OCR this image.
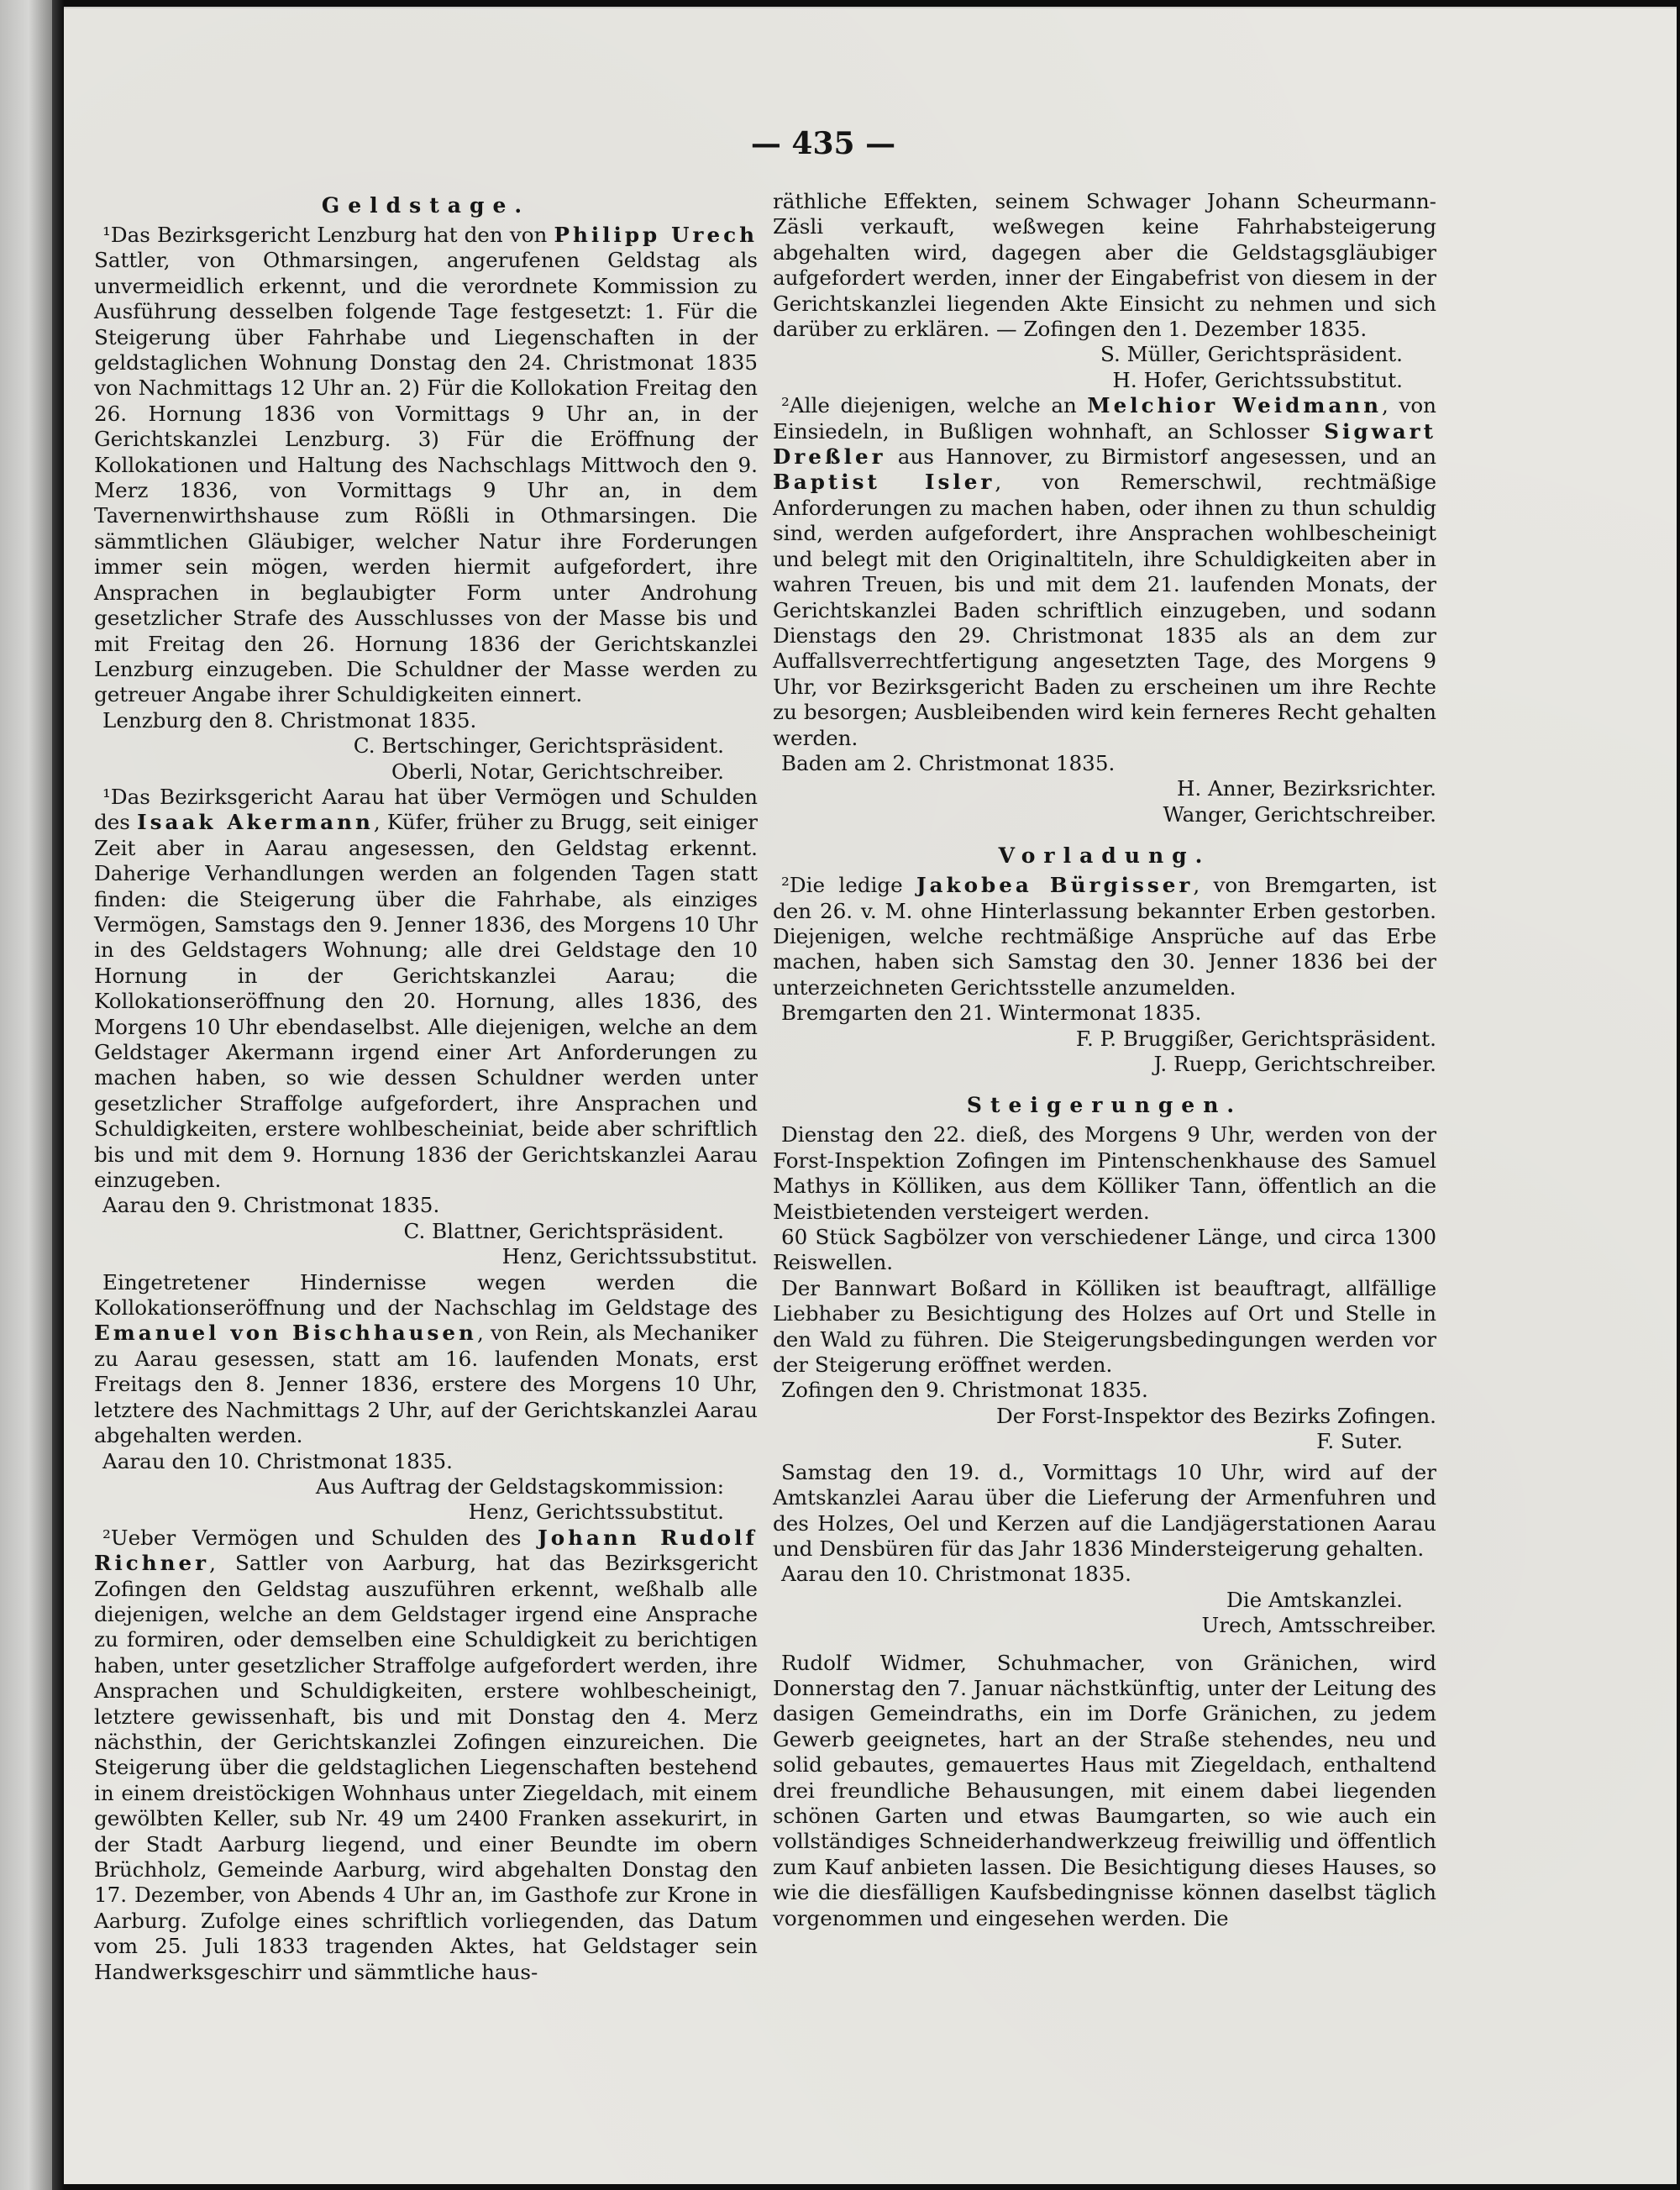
— 435 —
Geldstage.

¹Das Bezirksgericht Lenzburg hat den von Philipp Urech Sattler, von Othmarsingen, angerufenen Geldstag als unvermeidlich erkennt, und die verordnete Kommission zu Ausführung desselben folgende Tage festgesetzt: 1. Für die Steigerung über Fahrhabe und Liegenschaften in der geldstaglichen Wohnung Donstag den 24. Christmonat 1835 von Nachmittags 12 Uhr an. 2) Für die Kollokation Freitag den 26. Hornung 1836 von Vormittags 9 Uhr an, in der Gerichtskanzlei Lenzburg. 3) Für die Eröffnung der Kollokationen und Haltung des Nachschlags Mittwoch den 9. Merz 1836, von Vormittags 9 Uhr an, in dem Tavernenwirthshause zum Rößli in Othmarsingen. Die sämmtlichen Gläubiger, welcher Natur ihre Forderungen immer sein mögen, werden hiermit aufgefordert, ihre Ansprachen in beglaubigter Form unter Androhung gesetzlicher Strafe des Ausschlusses von der Masse bis und mit Freitag den 26. Hornung 1836 der Gerichtskanzlei Lenzburg einzugeben. Die Schuldner der Masse werden zu getreuer Angabe ihrer Schuldigkeiten einnert.

Lenzburg den 8. Christmonat 1835.

C. Bertschinger, Gerichtspräsident.

Oberli, Notar, Gerichtschreiber.

¹Das Bezirksgericht Aarau hat über Vermögen und Schulden des Isaak Akermann, Küfer, früher zu Brugg, seit einiger Zeit aber in Aarau angesessen, den Geldstag erkennt. Daherige Verhandlungen werden an folgenden Tagen statt finden: die Steigerung über die Fahrhabe, als einziges Vermögen, Samstags den 9. Jenner 1836, des Morgens 10 Uhr in des Geldstagers Wohnung; alle drei Geldstage den 10 Hornung in der Gerichtskanzlei Aarau; die Kollokationseröffnung den 20. Hornung, alles 1836, des Morgens 10 Uhr ebendaselbst. Alle diejenigen, welche an dem Geldstager Akermann irgend einer Art Anforderungen zu machen haben, so wie dessen Schuldner werden unter gesetzlicher Straffolge aufgefordert, ihre Ansprachen und Schuldigkeiten, erstere wohlbescheiniat, beide aber schriftlich bis und mit dem 9. Hornung 1836 der Gerichtskanzlei Aarau einzugeben.

Aarau den 9. Christmonat 1835.

C. Blattner, Gerichtspräsident.

Henz, Gerichtssubstitut.

Eingetretener Hindernisse wegen werden die Kollokationseröffnung und der Nachschlag im Geldstage des Emanuel von Bischhausen, von Rein, als Mechaniker zu Aarau gesessen, statt am 16. laufenden Monats, erst Freitags den 8. Jenner 1836, erstere des Morgens 10 Uhr, letztere des Nachmittags 2 Uhr, auf der Gerichtskanzlei Aarau abgehalten werden.

Aarau den 10. Christmonat 1835.

Aus Auftrag der Geldstagskommission:

Henz, Gerichtssubstitut.

²Ueber Vermögen und Schulden des Johann Rudolf Richner, Sattler von Aarburg, hat das Bezirksgericht Zofingen den Geldstag auszuführen erkennt, weßhalb alle diejenigen, welche an dem Geldstager irgend eine Ansprache zu formiren, oder demselben eine Schuldigkeit zu berichtigen haben, unter gesetzlicher Straffolge aufgefordert werden, ihre Ansprachen und Schuldigkeiten, erstere wohlbescheinigt, letztere gewissenhaft, bis und mit Donstag den 4. Merz nächsthin, der Gerichtskanzlei Zofingen einzureichen. Die Steigerung über die geldstaglichen Liegenschaften bestehend in einem dreistöckigen Wohnhaus unter Ziegeldach, mit einem gewölbten Keller, sub Nr. 49 um 2400 Franken assekurirt, in der Stadt Aarburg liegend, und einer Beundte im obern Brüchholz, Gemeinde Aarburg, wird abgehalten Donstag den 17. Dezember, von Abends 4 Uhr an, im Gasthofe zur Krone in Aarburg. Zufolge eines schriftlich vorliegenden, das Datum vom 25. Juli 1833 tragenden Aktes, hat Geldstager sein Handwerksgeschirr und sämmtliche haus-

räthliche Effekten, seinem Schwager Johann Scheurmann-Zäsli verkauft, weßwegen keine Fahrhabsteigerung abgehalten wird, dagegen aber die Geldstagsgläubiger aufgefordert werden, inner der Eingabefrist von diesem in der Gerichtskanzlei liegenden Akte Einsicht zu nehmen und sich darüber zu erklären. — Zofingen den 1. Dezember 1835.

S. Müller, Gerichtspräsident.

H. Hofer, Gerichtssubstitut.

²Alle diejenigen, welche an Melchior Weidmann, von Einsiedeln, in Bußligen wohnhaft, an Schlosser Sigwart Dreßler aus Hannover, zu Birmistorf angesessen, und an Baptist Isler, von Remerschwil, rechtmäßige Anforderungen zu machen haben, oder ihnen zu thun schuldig sind, werden aufgefordert, ihre Ansprachen wohlbescheinigt und belegt mit den Originaltiteln, ihre Schuldigkeiten aber in wahren Treuen, bis und mit dem 21. laufenden Monats, der Gerichtskanzlei Baden schriftlich einzugeben, und sodann Dienstags den 29. Christmonat 1835 als an dem zur Auffallsverrechtfertigung angesetzten Tage, des Morgens 9 Uhr, vor Bezirksgericht Baden zu erscheinen um ihre Rechte zu besorgen; Ausbleibenden wird kein ferneres Recht gehalten werden.

Baden am 2. Christmonat 1835.

H. Anner, Bezirksrichter.

Wanger, Gerichtschreiber.

Vorladung.

²Die ledige Jakobea Bürgisser, von Bremgarten, ist den 26. v. M. ohne Hinterlassung bekannter Erben gestorben. Diejenigen, welche rechtmäßige Ansprüche auf das Erbe machen, haben sich Samstag den 30. Jenner 1836 bei der unterzeichneten Gerichtsstelle anzumelden.

Bremgarten den 21. Wintermonat 1835.

F. P. Bruggißer, Gerichtspräsident.

J. Ruepp, Gerichtschreiber.

Steigerungen.

Dienstag den 22. dieß, des Morgens 9 Uhr, werden von der Forst-Inspektion Zofingen im Pintenschenkhause des Samuel Mathys in Kölliken, aus dem Kölliker Tann, öffentlich an die Meistbietenden versteigert werden.

60 Stück Sagbölzer von verschiedener Länge, und circa 1300 Reiswellen.

Der Bannwart Boßard in Kölliken ist beauftragt, allfällige Liebhaber zu Besichtigung des Holzes auf Ort und Stelle in den Wald zu führen. Die Steigerungsbedingungen werden vor der Steigerung eröffnet werden.

Zofingen den 9. Christmonat 1835.

Der Forst-Inspektor des Bezirks Zofingen.

F. Suter.

Samstag den 19. d., Vormittags 10 Uhr, wird auf der Amtskanzlei Aarau über die Lieferung der Armenfuhren und des Holzes, Oel und Kerzen auf die Landjägerstationen Aarau und Densbüren für das Jahr 1836 Mindersteigerung gehalten.

Aarau den 10. Christmonat 1835.

Die Amtskanzlei.

Urech, Amtsschreiber.

Rudolf Widmer, Schuhmacher, von Gränichen, wird Donnerstag den 7. Januar nächstkünftig, unter der Leitung des dasigen Gemeindraths, ein im Dorfe Gränichen, zu jedem Gewerb geeignetes, hart an der Straße stehendes, neu und solid gebautes, gemauertes Haus mit Ziegeldach, enthaltend drei freundliche Behausungen, mit einem dabei liegenden schönen Garten und etwas Baumgarten, so wie auch ein vollständiges Schneiderhandwerkzeug freiwillig und öffentlich zum Kauf anbieten lassen. Die Besichtigung dieses Hauses, so wie die diesfälligen Kaufsbedingnisse können daselbst täglich vorgenommen und eingesehen werden. Die
